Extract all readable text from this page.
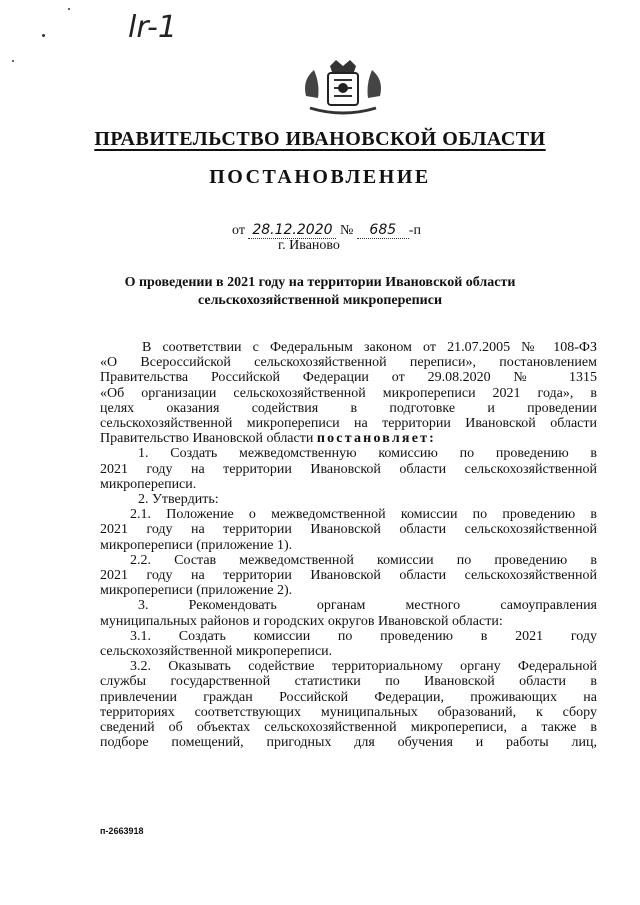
lr-1
ПРАВИТЕЛЬСТВО ИВАНОВСКОЙ ОБЛАСТИ
ПОСТАНОВЛЕНИЕ
от 28.12.2020 № 685 -п
г. Иваново
О проведении в 2021 году на территории Ивановской области
сельскохозяйственной микропереписи

В соответствии с Федеральным законом от 21.07.2005 № 108-ФЗ

«О Всероссийской сельскохозяйственной переписи», постановлением

Правительства Российской Федерации от 29.08.2020 № 1315

«Об организации сельскохозяйственной микропереписи 2021 года», в

целях оказания содействия в подготовке и проведении

сельскохозяйственной микропереписи на территории Ивановской области

Правительство Ивановской области постановляет:

1. Создать межведомственную комиссию по проведению в

2021 году на территории Ивановской области сельскохозяйственной

микропереписи.

2. Утвердить:

2.1. Положение о межведомственной комиссии по проведению в

2021 году на территории Ивановской области сельскохозяйственной

микропереписи (приложение 1).

2.2. Состав межведомственной комиссии по проведению в

2021 году на территории Ивановской области сельскохозяйственной

микропереписи (приложение 2).

3. Рекомендовать органам местного самоуправления

муниципальных районов и городских округов Ивановской области:

3.1. Создать комиссии по проведению в 2021 году

сельскохозяйственной микропереписи.

3.2. Оказывать содействие территориальному органу Федеральной

службы государственной статистики по Ивановской области в

привлечении граждан Российской Федерации, проживающих на

территориях соответствующих муниципальных образований, к сбору

сведений об объектах сельскохозяйственной микропереписи, а также в

подборе помещений, пригодных для обучения и работы лиц,

п-2663918
